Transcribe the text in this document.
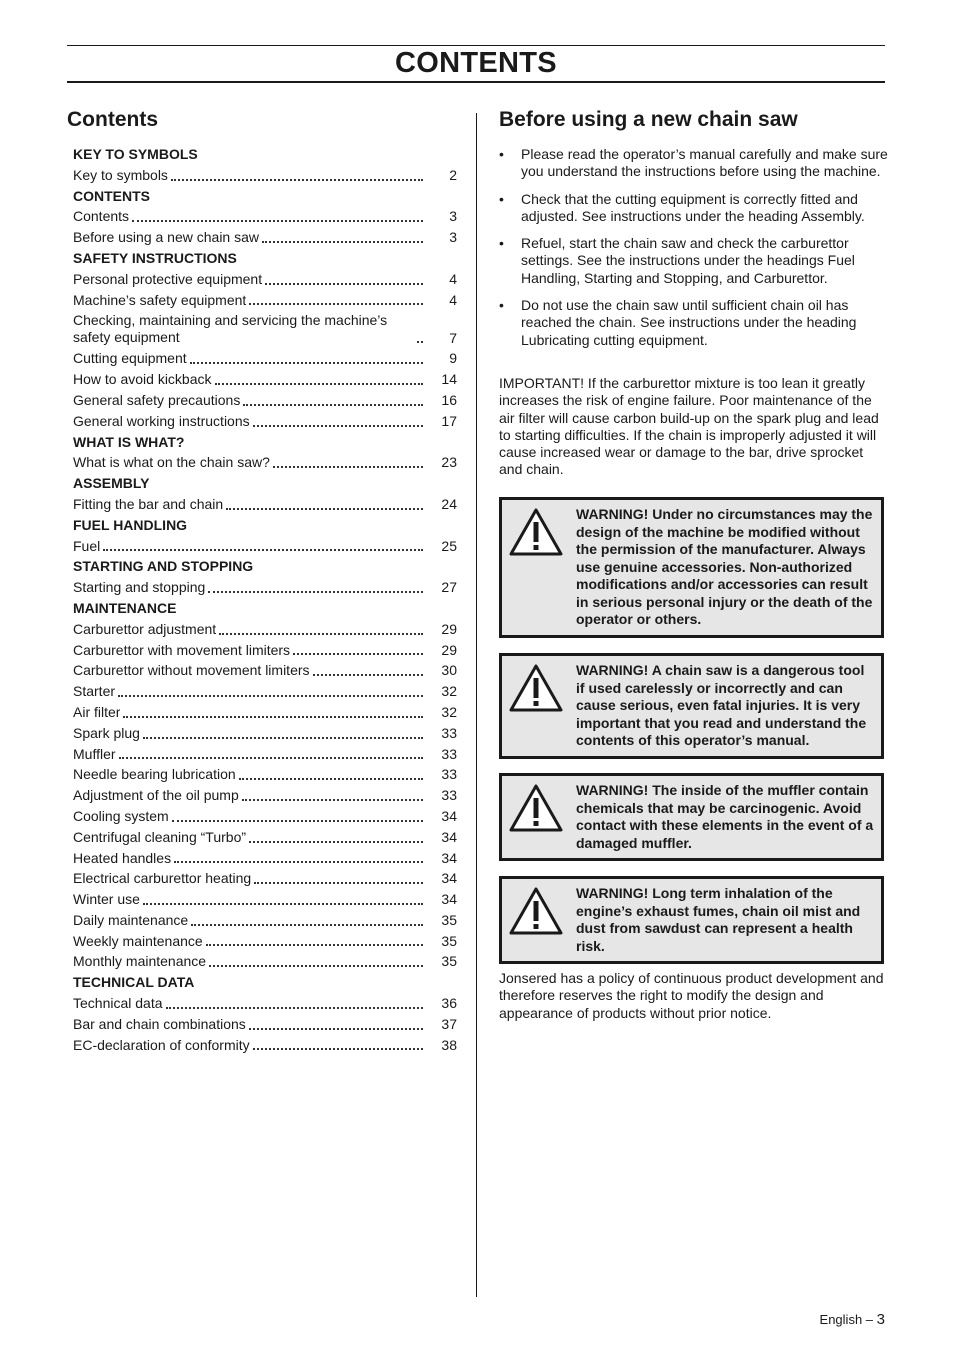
CONTENTS
Contents
KEY TO SYMBOLS
Key to symbols	2
CONTENTS
Contents	3
Before using a new chain saw	3
SAFETY INSTRUCTIONS
Personal protective equipment	4
Machine’s safety equipment	4
Checking, maintaining and servicing the machine’s safety equipment	7
Cutting equipment	9
How to avoid kickback	14
General safety precautions	16
General working instructions	17
WHAT IS WHAT?
What is what on the chain saw?	23
ASSEMBLY
Fitting the bar and chain	24
FUEL HANDLING
Fuel	25
STARTING AND STOPPING
Starting and stopping	27
MAINTENANCE
Carburettor adjustment	29
Carburettor with movement limiters	29
Carburettor without movement limiters	30
Starter	32
Air filter	32
Spark plug	33
Muffler	33
Needle bearing lubrication	33
Adjustment of the oil pump	33
Cooling system	34
Centrifugal cleaning “Turbo”	34
Heated handles	34
Electrical carburettor heating	34
Winter use	34
Daily maintenance	35
Weekly maintenance	35
Monthly maintenance	35
TECHNICAL DATA
Technical data	36
Bar and chain combinations	37
EC-declaration of conformity	38
Before using a new chain saw
• Please read the operator’s manual carefully and make sure you understand the instructions before using the machine.
• Check that the cutting equipment is correctly fitted and adjusted. See instructions under the heading Assembly.
• Refuel, start the chain saw and check the carburettor settings. See the instructions under the headings Fuel Handling, Starting and Stopping, and Carburettor.
• Do not use the chain saw until sufficient chain oil has reached the chain. See instructions under the heading Lubricating cutting equipment.

IMPORTANT! If the carburettor mixture is too lean it greatly increases the risk of engine failure. Poor maintenance of the air filter will cause carbon build-up on the spark plug and lead to starting difficulties. If the chain is improperly adjusted it will cause increased wear or damage to the bar, drive sprocket and chain.

WARNING! Under no circumstances may the design of the machine be modified without the permission of the manufacturer. Always use genuine accessories. Non-authorized modifications and/or accessories can result in serious personal injury or the death of the operator or others.
WARNING! A chain saw is a dangerous tool if used carelessly or incorrectly and can cause serious, even fatal injuries. It is very important that you read and understand the contents of this operator’s manual.
WARNING! The inside of the muffler contain chemicals that may be carcinogenic. Avoid contact with these elements in the event of a damaged muffler.
WARNING! Long term inhalation of the engine’s exhaust fumes, chain oil mist and dust from sawdust can represent a health risk.

Jonsered has a policy of continuous product development and therefore reserves the right to modify the design and appearance of products without prior notice.

English – 3
